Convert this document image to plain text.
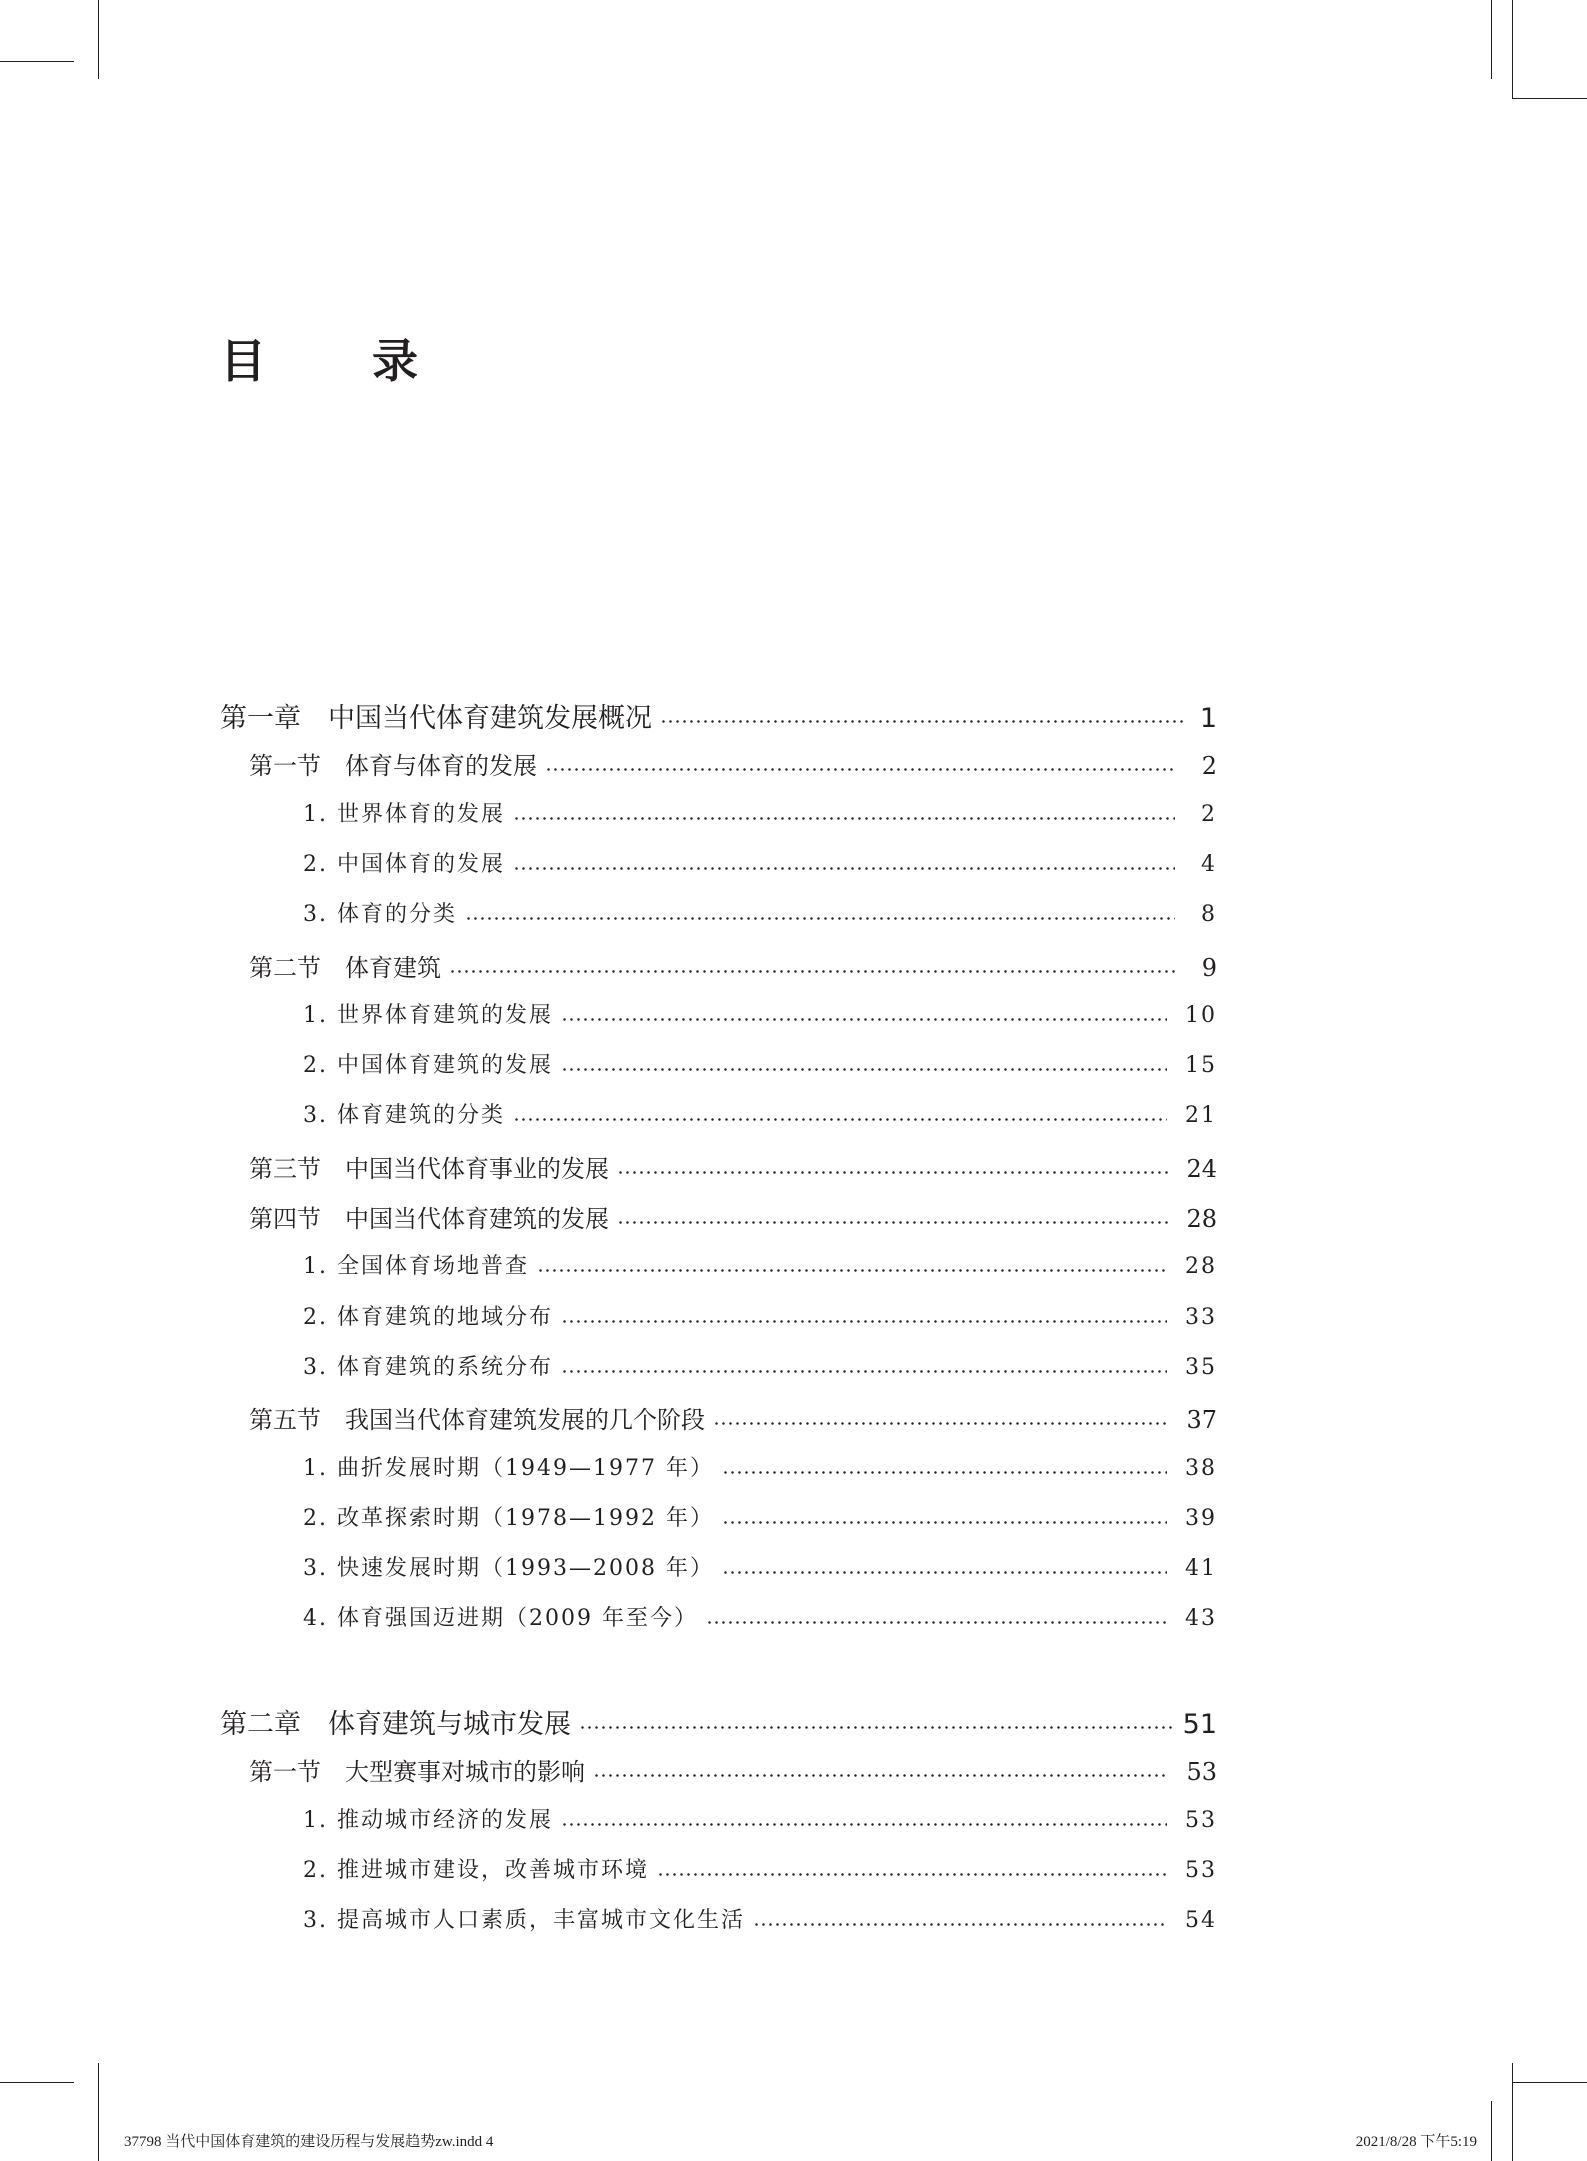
目　录
第一章　中国当代体育建筑发展概况	1
第一节　体育与体育的发展	2
1. 世界体育的发展	2
2. 中国体育的发展	4
3. 体育的分类	8
第二节　体育建筑	9
1. 世界体育建筑的发展	10
2. 中国体育建筑的发展	15
3. 体育建筑的分类	21
第三节　中国当代体育事业的发展	24
第四节　中国当代体育建筑的发展	28
1. 全国体育场地普查	28
2. 体育建筑的地域分布	33
3. 体育建筑的系统分布	35
第五节　我国当代体育建筑发展的几个阶段	37
1. 曲折发展时期（1949—1977 年）	38
2. 改革探索时期（1978—1992 年）	39
3. 快速发展时期（1993—2008 年）	41
4. 体育强国迈进期（2009 年至今）	43
第二章　体育建筑与城市发展	51
第一节　大型赛事对城市的影响	53
1. 推动城市经济的发展	53
2. 推进城市建设，改善城市环境	53
3. 提高城市人口素质，丰富城市文化生活	54
37798 当代中国体育建筑的建设历程与发展趋势zw.indd 4	2021/8/28 下午5:19
